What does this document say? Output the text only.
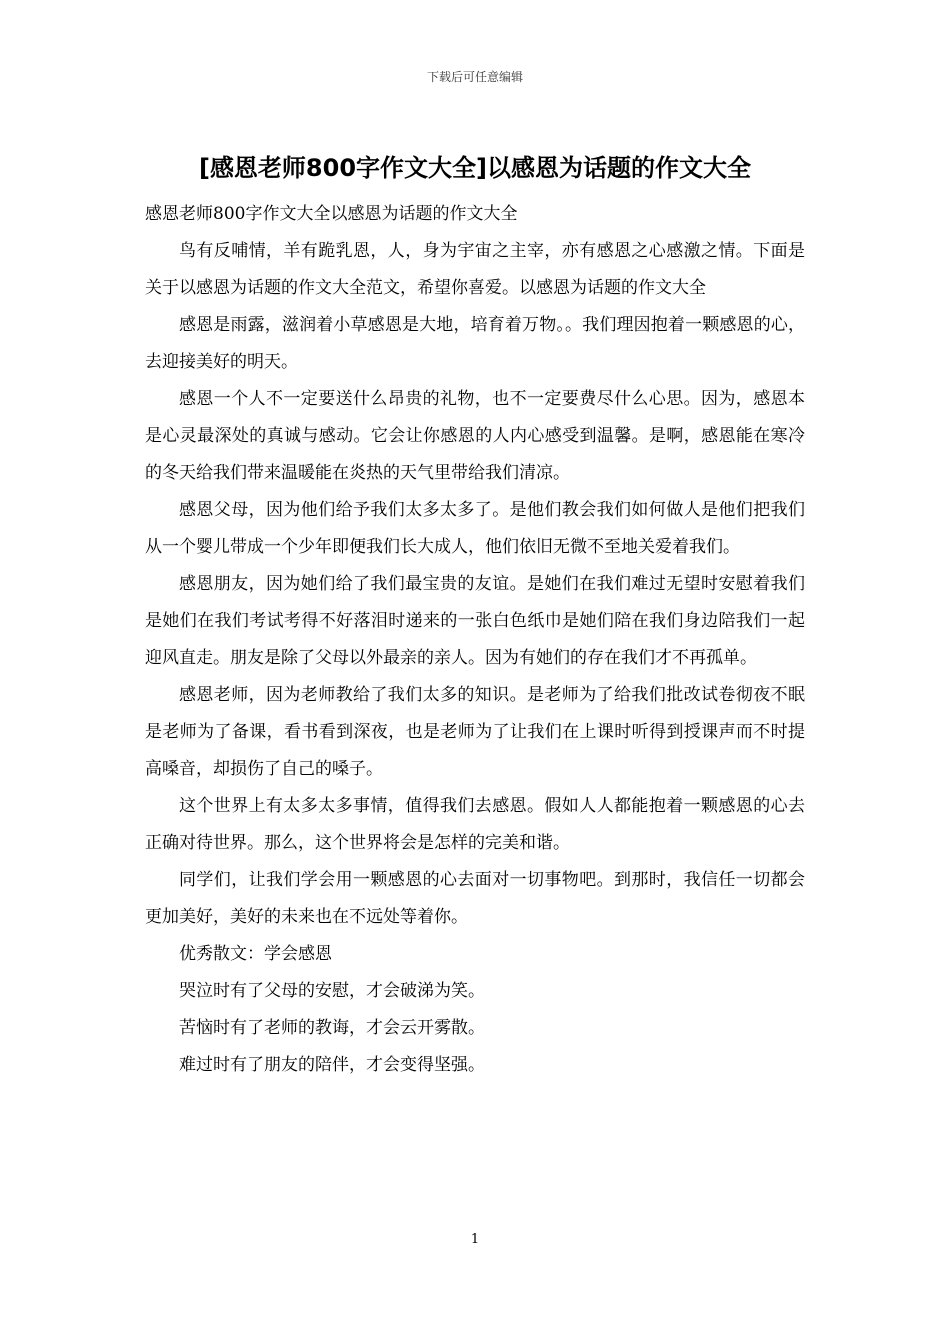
下载后可任意编辑
[感恩老师800字作文大全]以感恩为话题的作文大全

感恩老师800字作文大全以感恩为话题的作文大全

鸟有反哺情，羊有跪乳恩，人，身为宇宙之主宰，亦有感恩之心感激之情。下面是关于以感恩为话题的作文大全范文，希望你喜爱。以感恩为话题的作文大全

感恩是雨露，滋润着小草感恩是大地，培育着万物。。我们理因抱着一颗感恩的心，去迎接美好的明天。

感恩一个人不一定要送什么昂贵的礼物，也不一定要费尽什么心思。因为，感恩本是心灵最深处的真诚与感动。它会让你感恩的人内心感受到温馨。是啊，感恩能在寒冷的冬天给我们带来温暖能在炎热的天气里带给我们清凉。

感恩父母，因为他们给予我们太多太多了。是他们教会我们如何做人是他们把我们从一个婴儿带成一个少年即便我们长大成人，他们依旧无微不至地关爱着我们。

感恩朋友，因为她们给了我们最宝贵的友谊。是她们在我们难过无望时安慰着我们是她们在我们考试考得不好落泪时递来的一张白色纸巾是她们陪在我们身边陪我们一起迎风直走。朋友是除了父母以外最亲的亲人。因为有她们的存在我们才不再孤单。

感恩老师，因为老师教给了我们太多的知识。是老师为了给我们批改试卷彻夜不眠是老师为了备课，看书看到深夜，也是老师为了让我们在上课时听得到授课声而不时提高嗓音，却损伤了自己的嗓子。

这个世界上有太多太多事情，值得我们去感恩。假如人人都能抱着一颗感恩的心去正确对待世界。那么，这个世界将会是怎样的完美和谐。

同学们，让我们学会用一颗感恩的心去面对一切事物吧。到那时，我信任一切都会更加美好，美好的未来也在不远处等着你。

优秀散文：学会感恩

哭泣时有了父母的安慰，才会破涕为笑。

苦恼时有了老师的教诲，才会云开雾散。

难过时有了朋友的陪伴，才会变得坚强。

1
